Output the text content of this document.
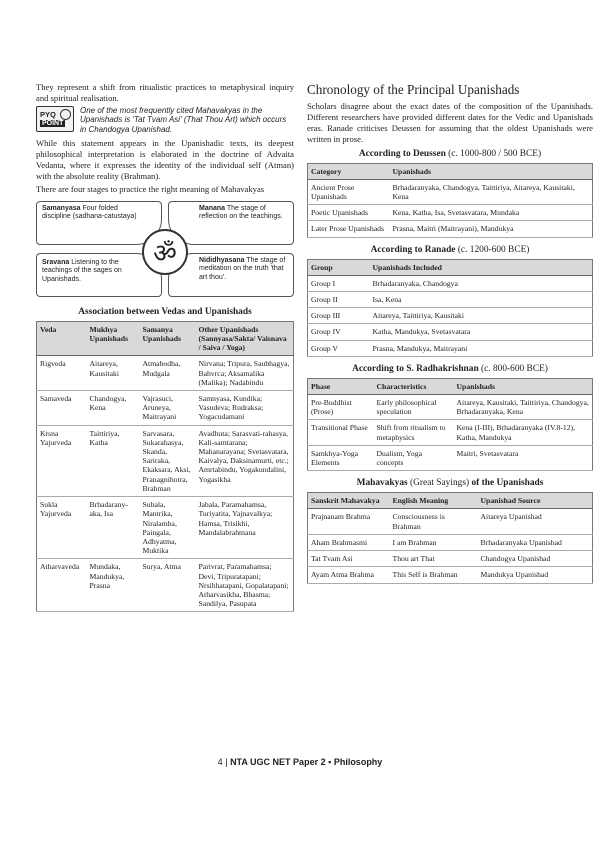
They represent a shift from ritualistic practices to metaphysical inquiry and spiritual realisation.

PYQ
POINT
One of the most frequently cited Mahavakyas in the Upanishads is 'Tat Tvam Asi' (That Thou Art) which occurs in Chandogya Upanishad.

While this statement appears in the Upanishadic texts, its deepest philosophical interpretation is elaborated in the doctrine of Advaita Vedanta, where it expresses the identity of the individual self (Atman) with the absolute reality (Brahman).

There are four stages to practice the right meaning of Mahavakyas

Samanyasa Four folded discipline (sadhana-catustaya)
Manana The stage of reflection on the teachings.
Sravana Listening to the teachings of the sages on Upanishads.
Nididhyasana The stage of meditation on the truth 'that art thou'.
ॐ
Association between Vedas and Upanishads
Veda	Mukhya Upanishads	Samanya Upanishads	Other Upanishads (Sannyasa/Sakta/ Vaisnava / Saiva / Yoga)
Rigveda	Aitareya, Kausitaki	Atmabodha, Mudgala	Nirvana; Tripura, Saubhagya, Bahvrca; Aksamalika (Malika); Nadabindu
Samaveda	Chandogya, Kena	Vajrasuci, Aruneya, Maitrayani	Samnyasa, Kundika; Vasudeva; Rudraksa; Yogacudamani
Krsna Yajurveda	Taittiriya, Katha	Sarvasara, Sukarahasya, Skanda, Sariraka, Ekaksara, Aksi, Pranagnihotra, Brahman	Avadhuta; Sarasvati-rahasya, Kali-samtarana; Mahanarayana; Svetasvatara, Kaivalya, Daksinamurti, etc.; Amrtabindu, Yogakundalini, Yogasikha
Sukla Yajurveda	Brhadarany-aka, Isa	Subala, Mantrika, Niralamba, Paingala, Adhyatma, Muktika	Jabala, Paramahamsa, Turiyatita, Yajnavalkya; Hamsa, Trisikhi, Mandalabrahmana
Atharvaveda	Mundaka, Mandukya, Prasna	Surya, Atma	Parivrat, Paramahamsa; Devi, Tripuratapani; Nrsihhatapani, Gopalatapani; Atharvasikha, Bhasma; Sandilya, Pasupata
Chronology of the Principal Upanishads

Scholars disagree about the exact dates of the composition of the Upanishads. Different researchers have provided different dates for the Vedic and Upanishads eras. Ranade criticises Deussen for assuming that the oldest Upanishads were written in prose.

According to Deussen (c. 1000-800 / 500 BCE)
Category	Upanishads
Ancient Prose Upanishads	Brhadaranyaka, Chandogya, Taittiriya, Aitareya, Kausitaki, Kena
Poetic Upanishads	Kena, Katha, Isa, Svetasvatara, Mundaka
Later Prose Upanishads	Prasna, Maitri (Maitrayani), Mandukya
According to Ranade (c. 1200-600 BCE)
Group	Upanishads Included
Group I	Brhadaranyaka, Chandogya
Group II	Isa, Kena
Group III	Aitareya, Taittiriya, Kausitaki
Group IV	Katha, Mandukya, Svetasvatara
Group V	Prasna, Mandukya, Maitrayani
According to S. Radhakrishnan (c. 800-600 BCE)
Phase	Characteristics	Upanishads
Pre-Buddhist (Prose)	Early philosophical speculation	Aitareya, Kausitaki, Taittiriya, Chandogya, Brhadaranyaka, Kena
Transitional Phase	Shift from ritualism to metaphysics	Kena (I-III), Brhadaranyaka (IV.8-12), Katha, Mandukya
Samkhya-Yoga Elements	Dualism, Yoga concepts	Maitri, Svetasvatara
Mahavakyas (Great Sayings) of the Upanishads
Sanskrit Mahavakya	English Meaning	Upanishad Source
Prajnanam Brahma	Consciousness is Brahman	Aitareya Upanishad
Aham Brahmasmi	I am Brahman	Brhadaranyaka Upanishad
Tat Tvam Asi	Thou art That	Chandogya Upanishad
Ayam Atma Brahma	This Self is Brahman	Mandukya Upanishad
4 | NTA UGC NET Paper 2 ▪ Philosophy
